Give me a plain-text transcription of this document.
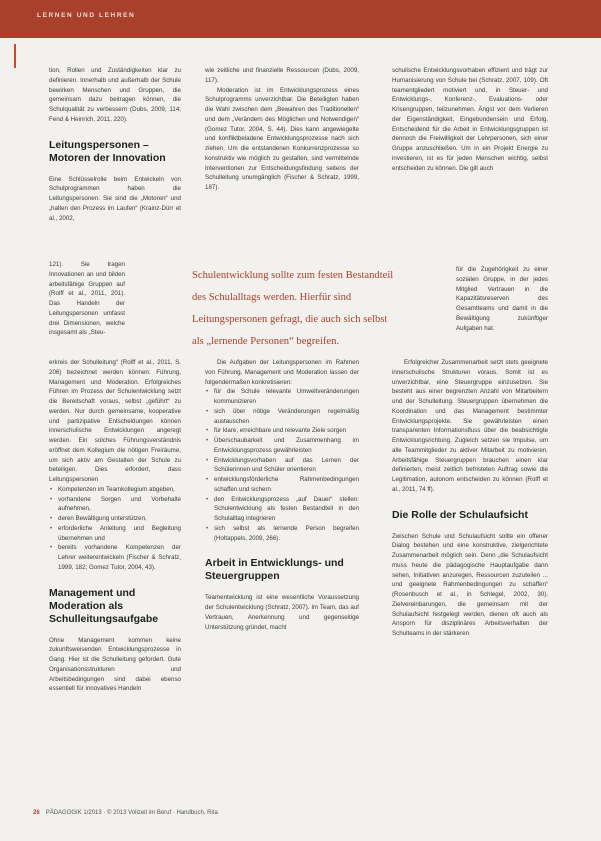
LERNEN UND LEHREN

tion, Rollen und Zuständigkeiten klar zu definieren. Innerhalb und außerhalb der Schule bewirken Menschen und Gruppen, die gemeinsam dazu beitragen können, die Schulqualität zu verbessern (Dubs, 2009, 114; Fend & Heinrich, 2011, 220).

Leitungspersonen – Motoren der Innovation

Eine Schlüsselrolle beim Entwickeln von Schulprogrammen haben die Leitungspersonen. Sie sind die „Motoren“ und „halten den Prozess im Laufen“ (Krainz-Dürr et al., 2002,

121). Sie tragen Innovationen an und bilden arbeitsfähige Gruppen auf (Rolff et al., 2011, 201). Das Handeln der Leitungspersonen umfasst drei Dimensionen, welche insgesamt als „Steu-

erkreis der Schulleitung“ (Rolff et al., 2011, S. 206) bezeichnet werden können: Führung, Management und Moderation. Erfolgreiches Führen im Prozess der Schulentwicklung setzt die Bereitschaft voraus, selbst „geführt“ zu werden. Nur durch gemeinsame, kooperative und partizipative Entscheidungen können innerschulische Entwicklungen angeregt werden. Ein solches Führungsverständnis eröffnet dem Kollegium die nötigen Freiräume, um sich aktiv am Gestalten der Schule zu beteiligen. Dies erfordert, dass Leitungspersonen

• Kompetenzen im Teamkollegium abgeben,
• vorhandene Sorgen und Vorbehalte aufnehmen,
• deren Bewältigung unterstützen,
• erforderliche Anleitung und Begleitung übernehmen und
• bereits vorhandene Kompetenzen der Lehrer weiterentwickeln (Fischer & Schratz, 1999, 182; Gomez Tutor, 2004, 43).
Management und Moderation als Schulleitungsaufgabe

Ohne Management kommen keine zukunftsweisenden Entwicklungsprozesse in Gang. Hier ist die Schulleitung gefordert. Gute Organisationsstrukturen und Arbeitsbedingungen sind dabei ebenso essentiell für innovatives Handeln

wie zeitliche und finanzielle Ressourcen (Dubs, 2009, 117).

Moderation ist im Entwicklungsprozess eines Schulprogramms unverzichtbar. Die Beteiligten haben die Wahl zwischen dem „Bewahren des Traditionellen“ und dem „Verändern des Möglichen und Notwendigen“ (Gomez Tutor, 2004, S. 44). Dies kann angewiegelte und konfliktbeladene Entwicklungsprozesse nach sich ziehen. Um die entstandenen Konkurrenzprozesse so konstruktiv wie möglich zu gestalten, sind vermittelnde Interventionen zur Entscheidungsfindung seitens der Schulleitung unumgänglich (Fischer & Schratz, 1999, 187).

Die Aufgaben der Leitungspersonen im Rahmen von Führung, Management und Moderation lassen der folgendermaßen konkretisieren:

• für die Schule relevante Umweltveränderungen kommunizieren
• sich über nötige Veränderungen regelmäßig austauschen
• für klare, erreichbare und relevante Ziele sorgen
• Überschaubarkeit und Zusammenhang im Entwicklungsprozess gewährleisten
• Entwicklungsvorhaben auf das Lernen der Schülerinnen und Schüler orientieren
• entwicklungsförderliche Rahmenbedingungen schaffen und sichern
• den Entwicklungsprozess „auf Dauer“ stellen: Schulentwicklung als festen Bestandteil in den Schulalltag integrieren
• sich selbst als lernende Person begreifen (Holtappels, 2009, 266).
Arbeit in Entwicklungs- und Steuergruppen

Teamentwicklung ist eine wesentliche Voraussetzung der Schulentwicklung (Schratz, 2007). Im Team, das auf Vertrauen, Anerkennung und gegenseitige Unterstützung gründet, macht

schulische Entwicklungsvorhaben effizient und trägt zur Humanisierung von Schule bei (Schratz, 2007, 109). Oft teamentgliedert motiviert und, in Steuer- und Entwicklungs-, Konferenz-, Evaluations- oder Krisengruppen, teilzunehmen. Ängst vor dem Verlieren der Eigenständigkeit, Eingebundensein und Erfolg. Entscheidend für die Arbeit in Entwicklungsgruppen ist dennoch die Freiwilligkeit der Lehrpersonen, sich einer Gruppe anzuschließen. Um in ein Projekt Energie zu investieren, ist es für jeden Menschen wichtig, selbst entscheiden zu können. Die gilt auch

für die Zugehörigkeit zu einer sozialen Gruppe, in der jedes Mitglied Vertrauen in die Kapazitätsreserven des Gesamtteams und damit in die Bewältigung zukünftiger Aufgaben hat.

Erfolgreicher Zusammenarbeit setzt stets geeignete innerschulische Strukturen voraus. Somit ist es unverzichtbar, eine Steuergruppe einzusetzen. Sie besteht aus einer begrenzten Anzahl von Mitarbeitern und der Schulleitung. Steuergruppen übernehmen die Koordination und das Management bestimmter Entwicklungsprojekte. Sie gewährleisten einen transparenten Informationsfluss über die beabsichtigte Entwicklungsrichtung. Zugleich setzen sie Impulse, um alle Teammitglieder zu aktiver Mitarbeit zu motivieren. Arbeitsfähige Steuergruppen brauchen einen klar definierten, meist zeitlich befristeten Auftrag sowie die Legitimation, autonom entscheiden zu können (Rolff et al., 2011, 74 ff).

Die Rolle der Schulaufsicht

Zwischen Schule und Schulaufsicht sollte ein offener Dialog bestehen und eine konstruktive, zielgerichtete Zusammenarbeit möglich sein. Denn „die Schulaufsicht muss heute die pädagogische Hauptaufgabe dann sehen, Initiativen anzuregen, Ressourcen zuzuteilen ... und geeignete Rahmenbedingungen zu schaffen“ (Rosenbusch et al., in Schlegel, 2002, 30). Zielvereinbarungen, die gemeinsam mit der Schulaufsicht festgelegt werden, dienen oft auch als Ansporn für disziplinäres Arbeitsverhalten der Schulteams in der stärkeren

Schulentwicklung sollte zum festen Bestandteil des Schulalltags werden. Hierfür sind Leitungspersonen gefragt, die auch sich selbst als „lernende Personen“ begreifen.
26 PÄDAGOGIK 1/2013 · © 2013 Vollzeit im Beruf · Handbuch, Rita
